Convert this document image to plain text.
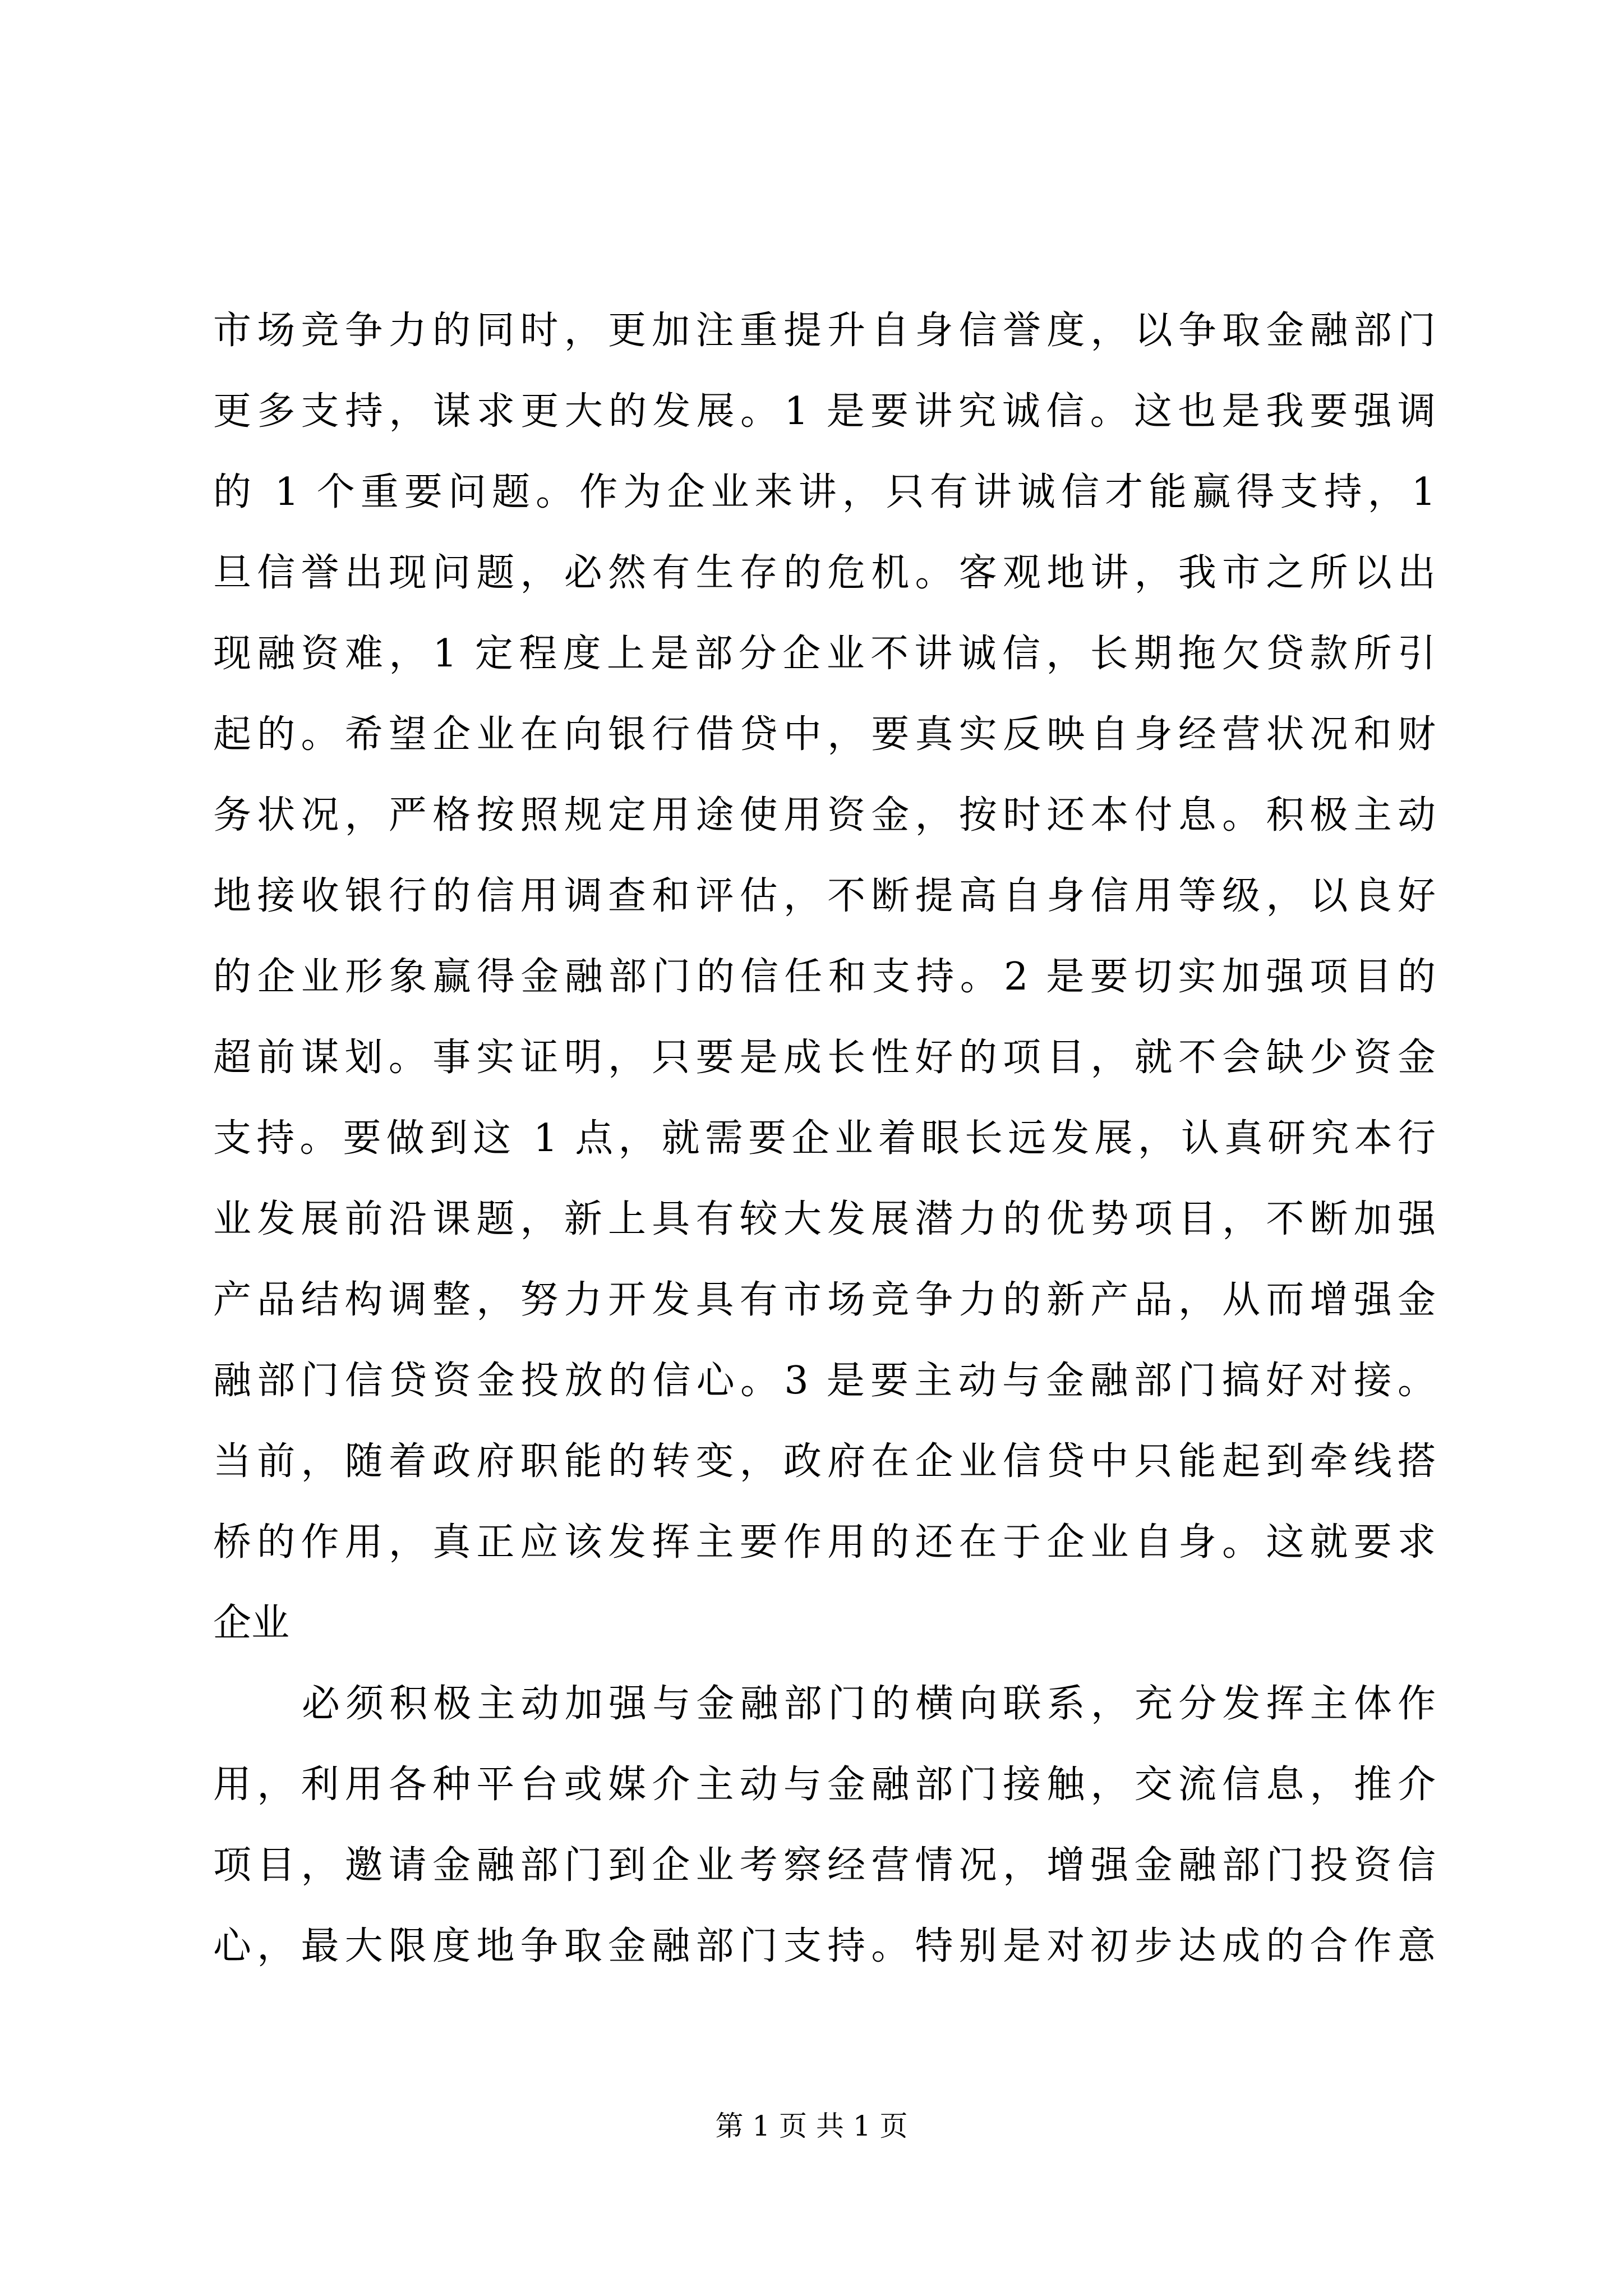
市场竞争力的同时，更加注重提升自身信誉度，以争取金融部门
更多支持，谋求更大的发展。1 是要讲究诚信。这也是我要强调
的 1 个重要问题。作为企业来讲，只有讲诚信才能赢得支持，1
旦信誉出现问题，必然有生存的危机。客观地讲，我市之所以出
现融资难，1 定程度上是部分企业不讲诚信，长期拖欠贷款所引
起的。希望企业在向银行借贷中，要真实反映自身经营状况和财
务状况，严格按照规定用途使用资金，按时还本付息。积极主动
地接收银行的信用调查和评估，不断提高自身信用等级，以良好
的企业形象赢得金融部门的信任和支持。2 是要切实加强项目的
超前谋划。事实证明，只要是成长性好的项目，就不会缺少资金
支持。要做到这 1 点，就需要企业着眼长远发展，认真研究本行
业发展前沿课题，新上具有较大发展潜力的优势项目，不断加强
产品结构调整，努力开发具有市场竞争力的新产品，从而增强金
融部门信贷资金投放的信心。3 是要主动与金融部门搞好对接。
当前，随着政府职能的转变，政府在企业信贷中只能起到牵线搭
桥的作用，真正应该发挥主要作用的还在于企业自身。这就要求
企业
必须积极主动加强与金融部门的横向联系，充分发挥主体作
用，利用各种平台或媒介主动与金融部门接触，交流信息，推介
项目，邀请金融部门到企业考察经营情况，增强金融部门投资信
心，最大限度地争取金融部门支持。特别是对初步达成的合作意
第 1 页 共 1 页
